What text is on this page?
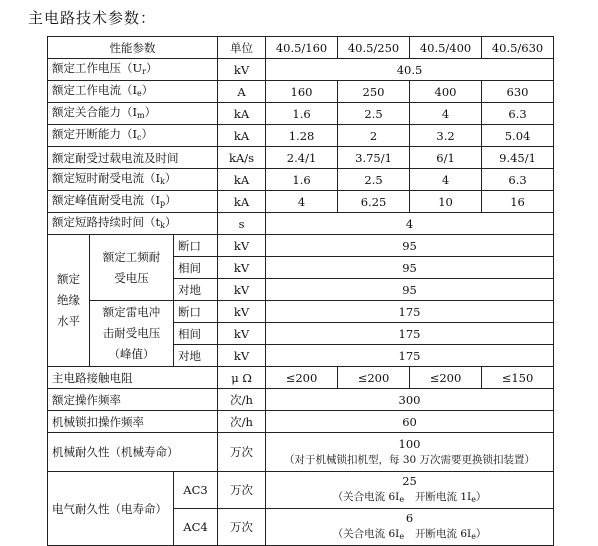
主电路技术参数：
性能参数			单位	40.5/160	40.5/250	40.5/400	40.5/630
额定工作电压$(U_r)$			kV	40.5			
额定工作电流$(I_e)$			A	160	250	400	630
额定关合能力$(I_m)$			kA	1.6	2.5	4	6.3
额定开断能力$(I_c)$			kA	1.28	2	3.2	5.04
额定耐受过载电流及时间			kA/s	2.4/1	3.75/1	6/1	9.45/1
额定短时耐受电流$(I_k)$			kA	1.6	2.5	4	6.3
额定峰值耐受电流$(I_p)$			kA	4	6.25	10	16
额定短路持续时间$(t_k)$			s	4			
额定绝缘水平	额定工频耐受电压	断口	kV	95			
		相间	kV	95			
		对地	kV	95			
	额定雷电冲击耐受电压（峰值）	断口	kV	175			
		相间	kV	175			
		对地	kV	175			
主电路接触电阻			μ Ω	≤200	≤200	≤200	≤150
额定操作频率			次/h	300			
机械锁扣操作频率			次/h	60			
机械耐久性（机械寿命）			万次	100
（对于机械锁扣机型，每 30 万次需要更换锁扣装置）			
电气耐久性（电寿命）		AC3	万次	25
（关合电流 $6I_e$ 开断电流 $1I_e$）			
		AC4	万次	6
（关合电流 $6I_e$ 开断电流 $6I_e$）			
